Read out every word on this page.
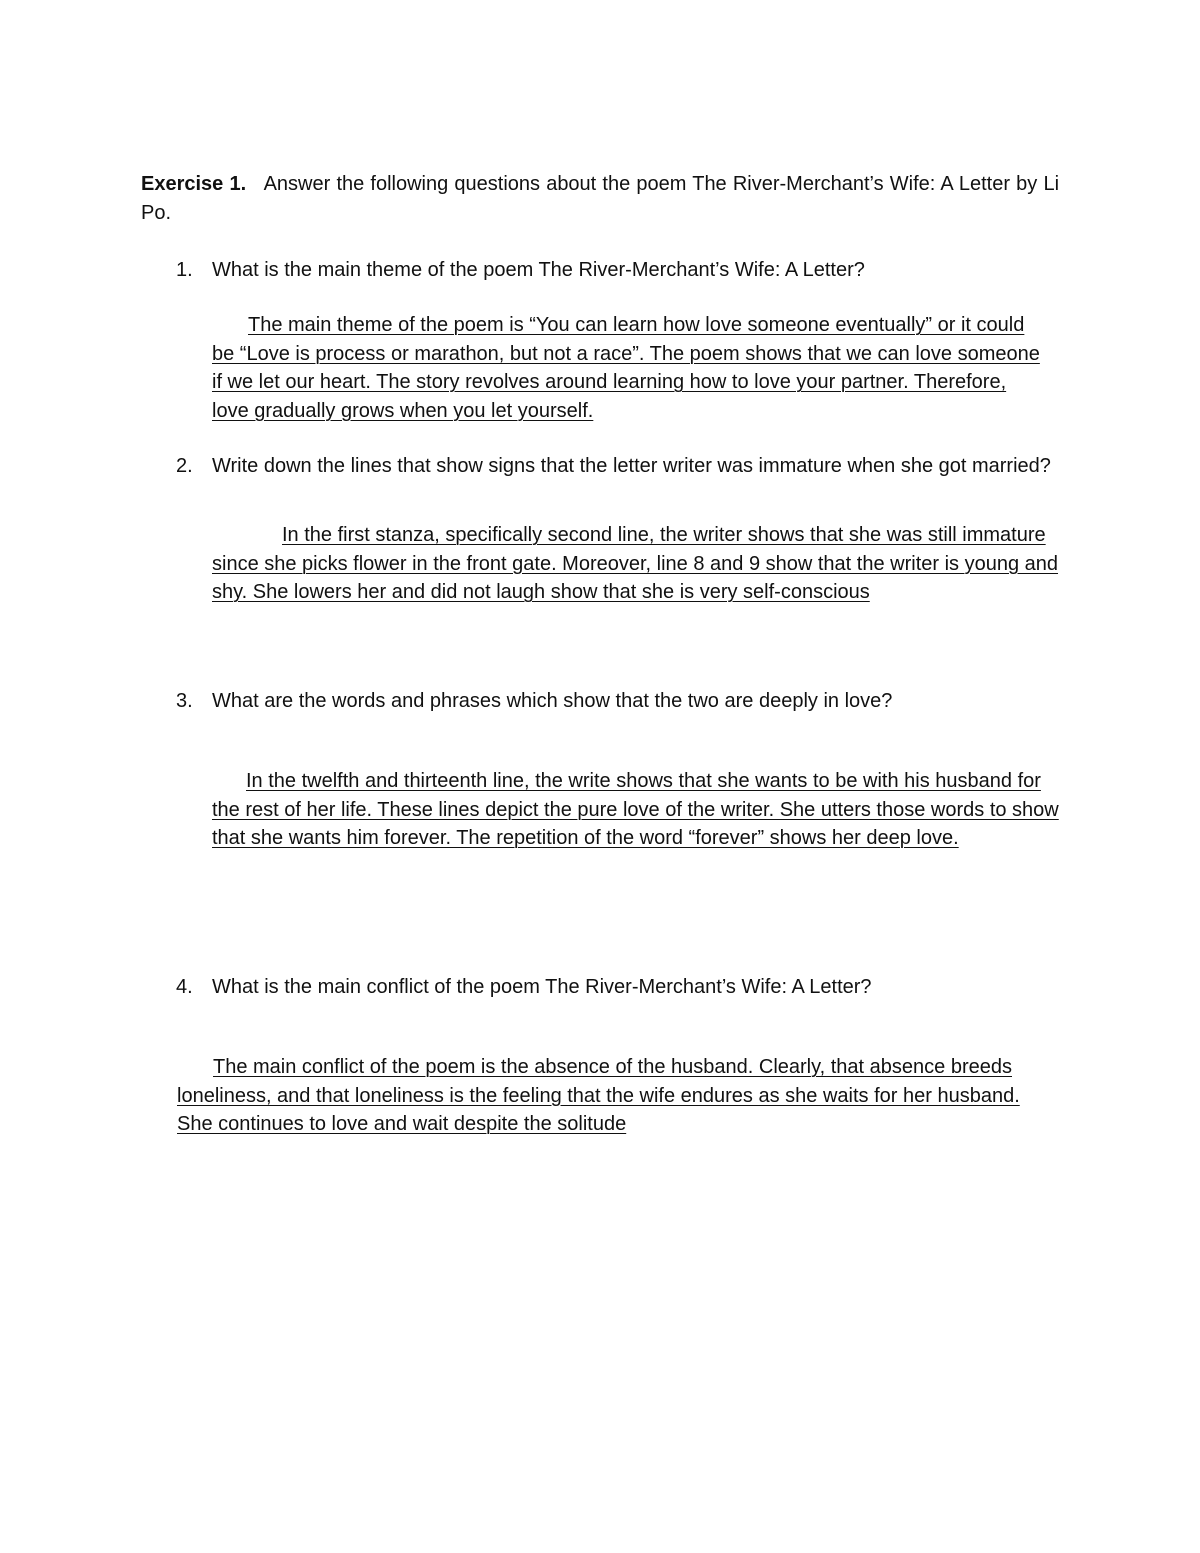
Exercise 1. Answer the following questions about the poem The River-Merchant’s Wife: A Letter by Li Po.
1. What is the main theme of the poem The River-Merchant’s Wife: A Letter?

The main theme of the poem is “You can learn how love someone eventually” or it could be “Love is process or marathon, but not a race”. The poem shows that we can love someone if we let our heart. The story revolves around learning how to love your partner. Therefore, love gradually grows when you let yourself.

2. Write down the lines that show signs that the letter writer was immature when she got married?

In the first stanza, specifically second line, the writer shows that she was still immature since she picks flower in the front gate. Moreover, line 8 and 9 show that the writer is young and shy. She lowers her and did not laugh show that she is very self-conscious

3. What are the words and phrases which show that the two are deeply in love?

In the twelfth and thirteenth line, the write shows that she wants to be with his husband for the rest of her life. These lines depict the pure love of the writer. She utters those words to show that she wants him forever. The repetition of the word “forever” shows her deep love.

4. What is the main conflict of the poem The River-Merchant’s Wife: A Letter?

The main conflict of the poem is the absence of the husband. Clearly, that absence breeds loneliness, and that loneliness is the feeling that the wife endures as she waits for her husband. She continues to love and wait despite the solitude
